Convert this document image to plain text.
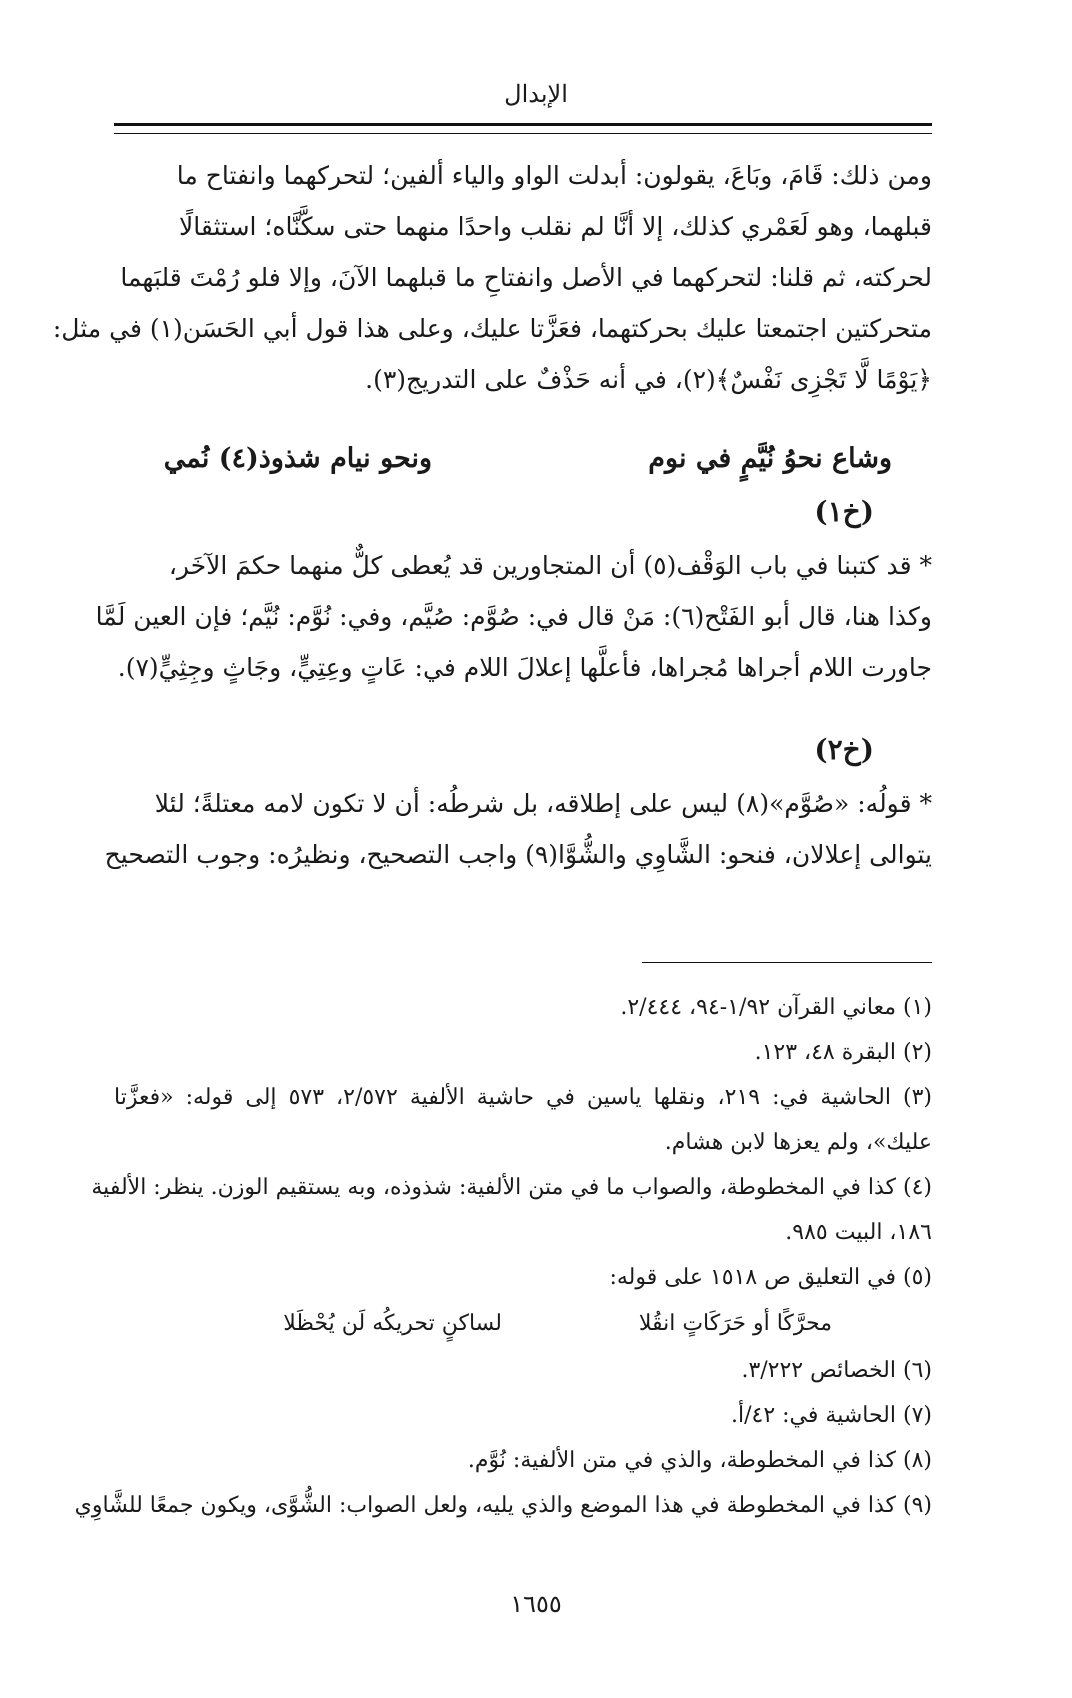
الإبدال
ومن ذلك: قَامَ، وبَاعَ، يقولون: أبدلت الواو والياء ألفين؛ لتحركهما وانفتاح ما
قبلهما، وهو لَعَمْري كذلك، إلا أنَّا لم نقلب واحدًا منهما حتى سكَّنَّاه؛ استثقالًا
لحركته، ثم قلنا: لتحركهما في الأصل وانفتاحِ ما قبلهما الآنَ، وإلا فلو رُمْتَ قلبَهما
متحركتين اجتمعتا عليك بحركتهما، فعَزَّتا عليك، وعلى هذا قول أبي الحَسَن(١) في مثل:
﴿يَوْمًا لَّا تَجْزِى نَفْسٌ﴾(٢)، في أنه حَذْفٌ على التدريج(٣).
وشاع نحوُ نُيَّمٍ في نوم
ونحو نيام شذوذ(٤) نُمي
(خ١)
* قد كتبنا في باب الوَقْف(٥) أن المتجاورين قد يُعطى كلٌّ منهما حكمَ الآخَر،
وكذا هنا، قال أبو الفَتْح(٦): مَنْ قال في: صُوَّم: صُيَّم، وفي: نُوَّم: نُيَّم؛ فإن العين لَمَّا
جاورت اللام أجراها مُجراها، فأعلَّها إعلالَ اللام في: عَاتٍ وعِتِيٍّ، وجَاثٍ وجِثِيٍّ(٧).
(خ٢)
* قولُه: «صُوَّم»(٨) ليس على إطلاقه، بل شرطُه: أن لا تكون لامه معتلةً؛ لئلا
يتوالى إعلالان، فنحو: الشَّاوِي والشُّوَّا(٩) واجب التصحيح، ونظيرُه: وجوب التصحيح
(١) معاني القرآن ١/٩٢-٩٤، ٢/٤٤٤.
(٢) البقرة ٤٨، ١٢٣.
(٣) الحاشية في: ٢١٩، ونقلها ياسين في حاشية الألفية ٢/٥٧٢، ٥٧٣ إلى قوله: «فعزَّتا
عليك»، ولم يعزها لابن هشام.
(٤) كذا في المخطوطة، والصواب ما في متن الألفية: شذوذه، وبه يستقيم الوزن. ينظر: الألفية
١٨٦، البيت ٩٨٥.
(٥) في التعليق ص ١٥١٨ على قوله:
محرَّكًا أو حَرَكَاتٍ انقُلا
لساكنٍ تحريكُه لَن يُحْظَلا
(٦) الخصائص ٣/٢٢٢.
(٧) الحاشية في: ٤٢/أ.
(٨) كذا في المخطوطة، والذي في متن الألفية: نُوَّم.
(٩) كذا في المخطوطة في هذا الموضع والذي يليه، ولعل الصواب: الشُّوَّى، ويكون جمعًا للشَّاوِي
١٦٥٥
